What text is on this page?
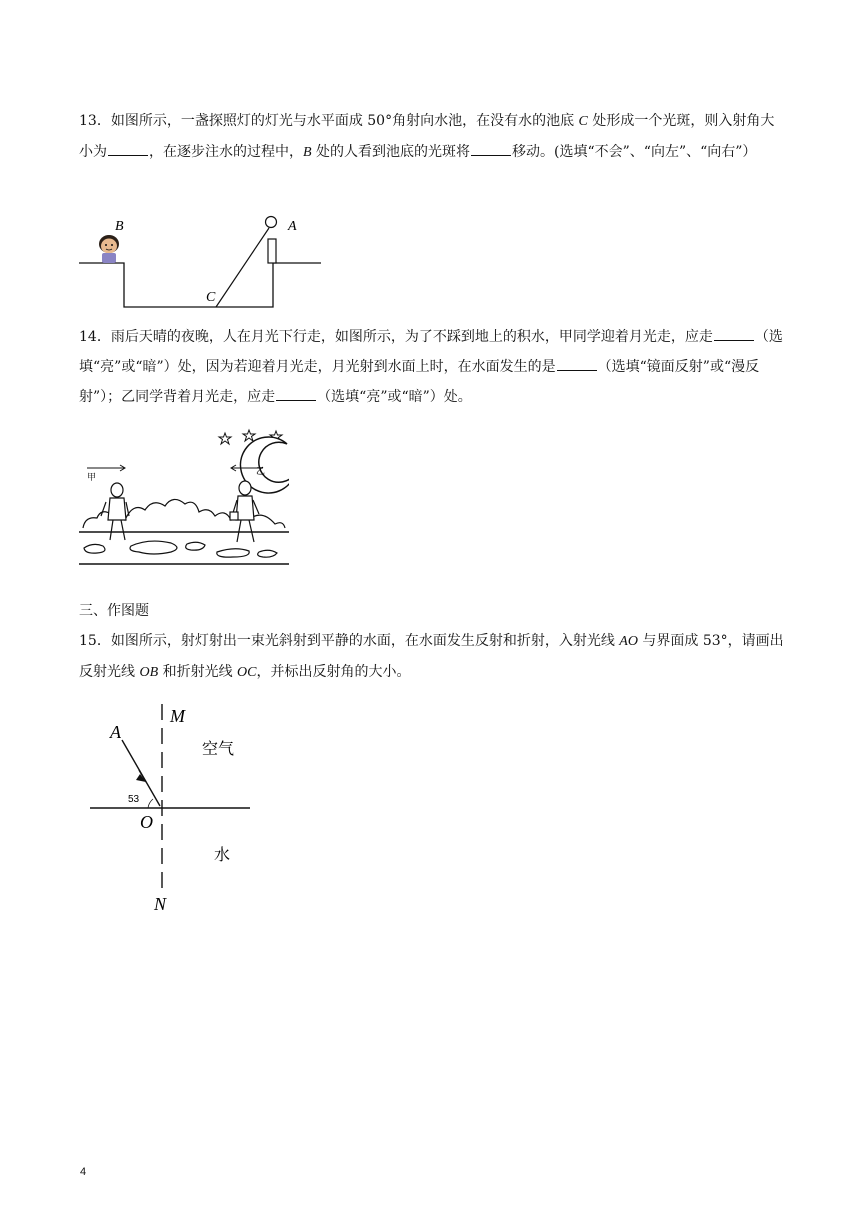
13．如图所示，一盏探照灯的灯光与水平面成 50°角射向水池，在没有水的池底 C 处形成一个光斑，则入射角大小为	，在逐步注水的过程中，B 处的人看到池底的光斑将	移动。(选填“不会”、“向左”、“向右”）

B	A
C

14．雨后天晴的夜晚，人在月光下行走，如图所示，为了不踩到地上的积水，甲同学迎着月光走，应走	（选填“亮”或“暗”）处，因为若迎着月光走，月光射到水面上时，在水面发生的是	（选填“镜面反射”或“漫反射”）；乙同学背着月光走，应走	（选填“亮”或“暗”）处。

甲
乙

三、作图题

15．如图所示，射灯射出一束光斜射到平静的水面，在水面发生反射和折射，入射光线 AO 与界面成 53°，请画出反射光线 OB 和折射光线 OC，并标出反射角的大小。

A
M
空气
53
O
水
N
4
